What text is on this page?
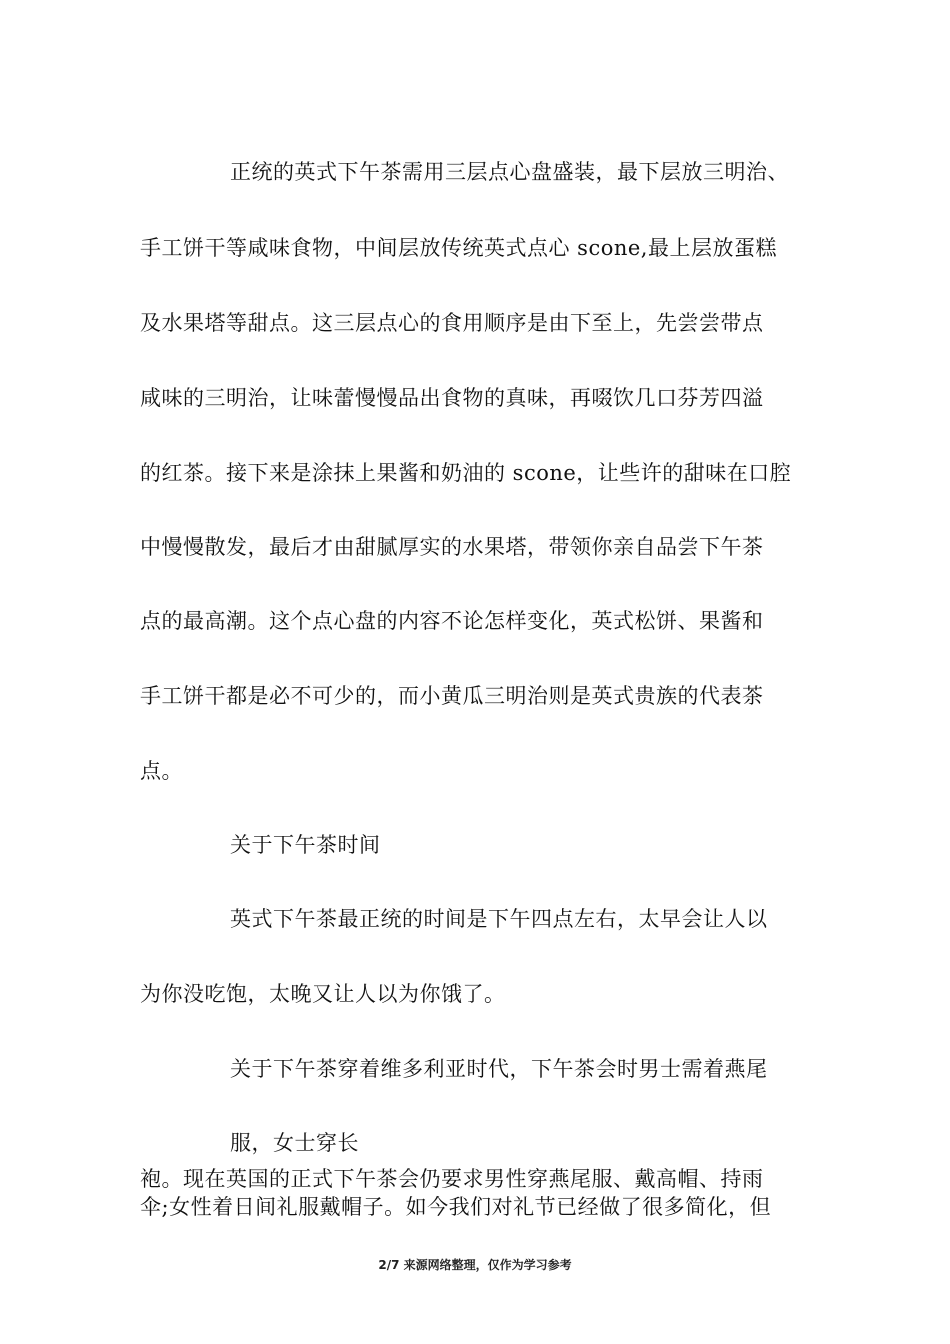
正统的英式下午茶需用三层点心盘盛装，最下层放三明治、
手工饼干等咸味食物，中间层放传统英式点心 scone,最上层放蛋糕
及水果塔等甜点。这三层点心的食用顺序是由下至上，先尝尝带点
咸味的三明治，让味蕾慢慢品出食物的真味，再啜饮几口芬芳四溢
的红茶。接下来是涂抹上果酱和奶油的 scone，让些许的甜味在口腔
中慢慢散发，最后才由甜腻厚实的水果塔，带领你亲自品尝下午茶
点的最高潮。这个点心盘的内容不论怎样变化，英式松饼、果酱和
手工饼干都是必不可少的，而小黄瓜三明治则是英式贵族的代表茶
点。
关于下午茶时间
英式下午茶最正统的时间是下午四点左右，太早会让人以
为你没吃饱，太晚又让人以为你饿了。
关于下午茶穿着维多利亚时代，下午茶会时男士需着燕尾
服，女士穿长
袍。现在英国的正式下午茶会仍要求男性穿燕尾服、戴高帽、持雨
伞;女性着日间礼服戴帽子。如今我们对礼节已经做了很多简化，但
2/7 来源网络整理，仅作为学习参考
